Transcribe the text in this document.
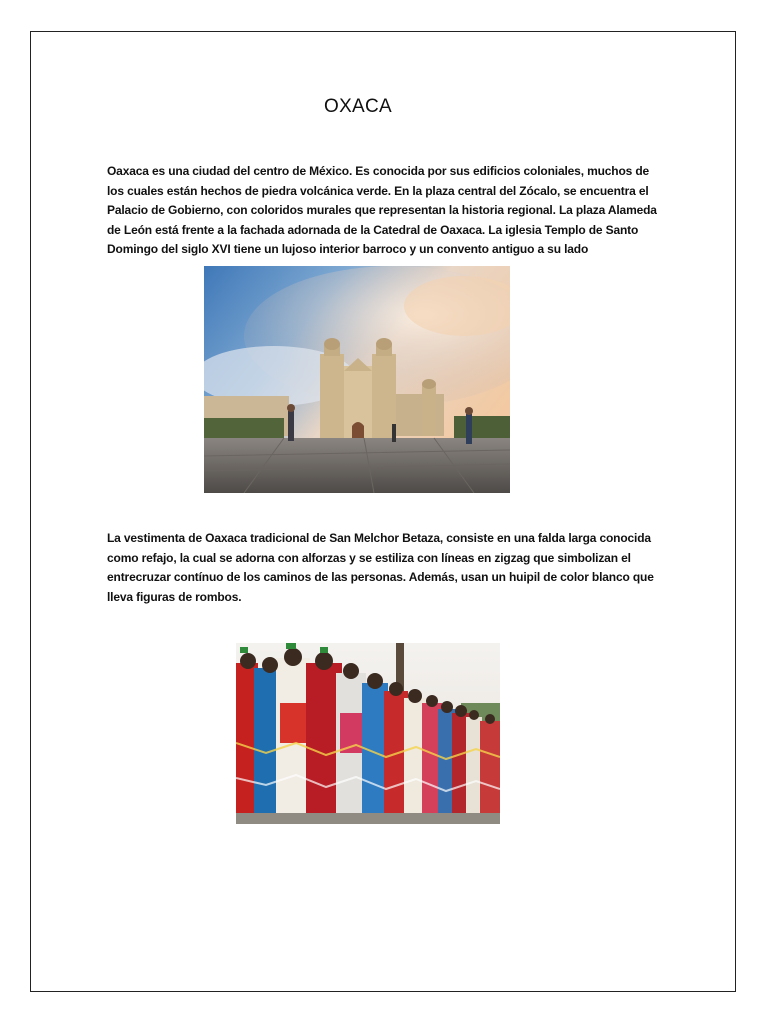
OXACA
Oaxaca es una ciudad del centro de México. Es conocida por sus edificios coloniales, muchos de los cuales están hechos de piedra volcánica verde. En la plaza central del Zócalo, se encuentra el Palacio de Gobierno, con coloridos murales que representan la historia regional. La plaza Alameda de León está frente a la fachada adornada de la Catedral de Oaxaca. La iglesia Templo de Santo Domingo del siglo XVI tiene un lujoso interior barroco y un convento antiguo a su lado
La vestimenta de Oaxaca tradicional de San Melchor Betaza, consiste en una falda larga conocida como refajo, la cual se adorna con alforzas y se estiliza con líneas en zigzag que simbolizan el entrecruzar contínuo de los caminos de las personas. Además, usan un huipil de color blanco que lleva figuras de rombos.
